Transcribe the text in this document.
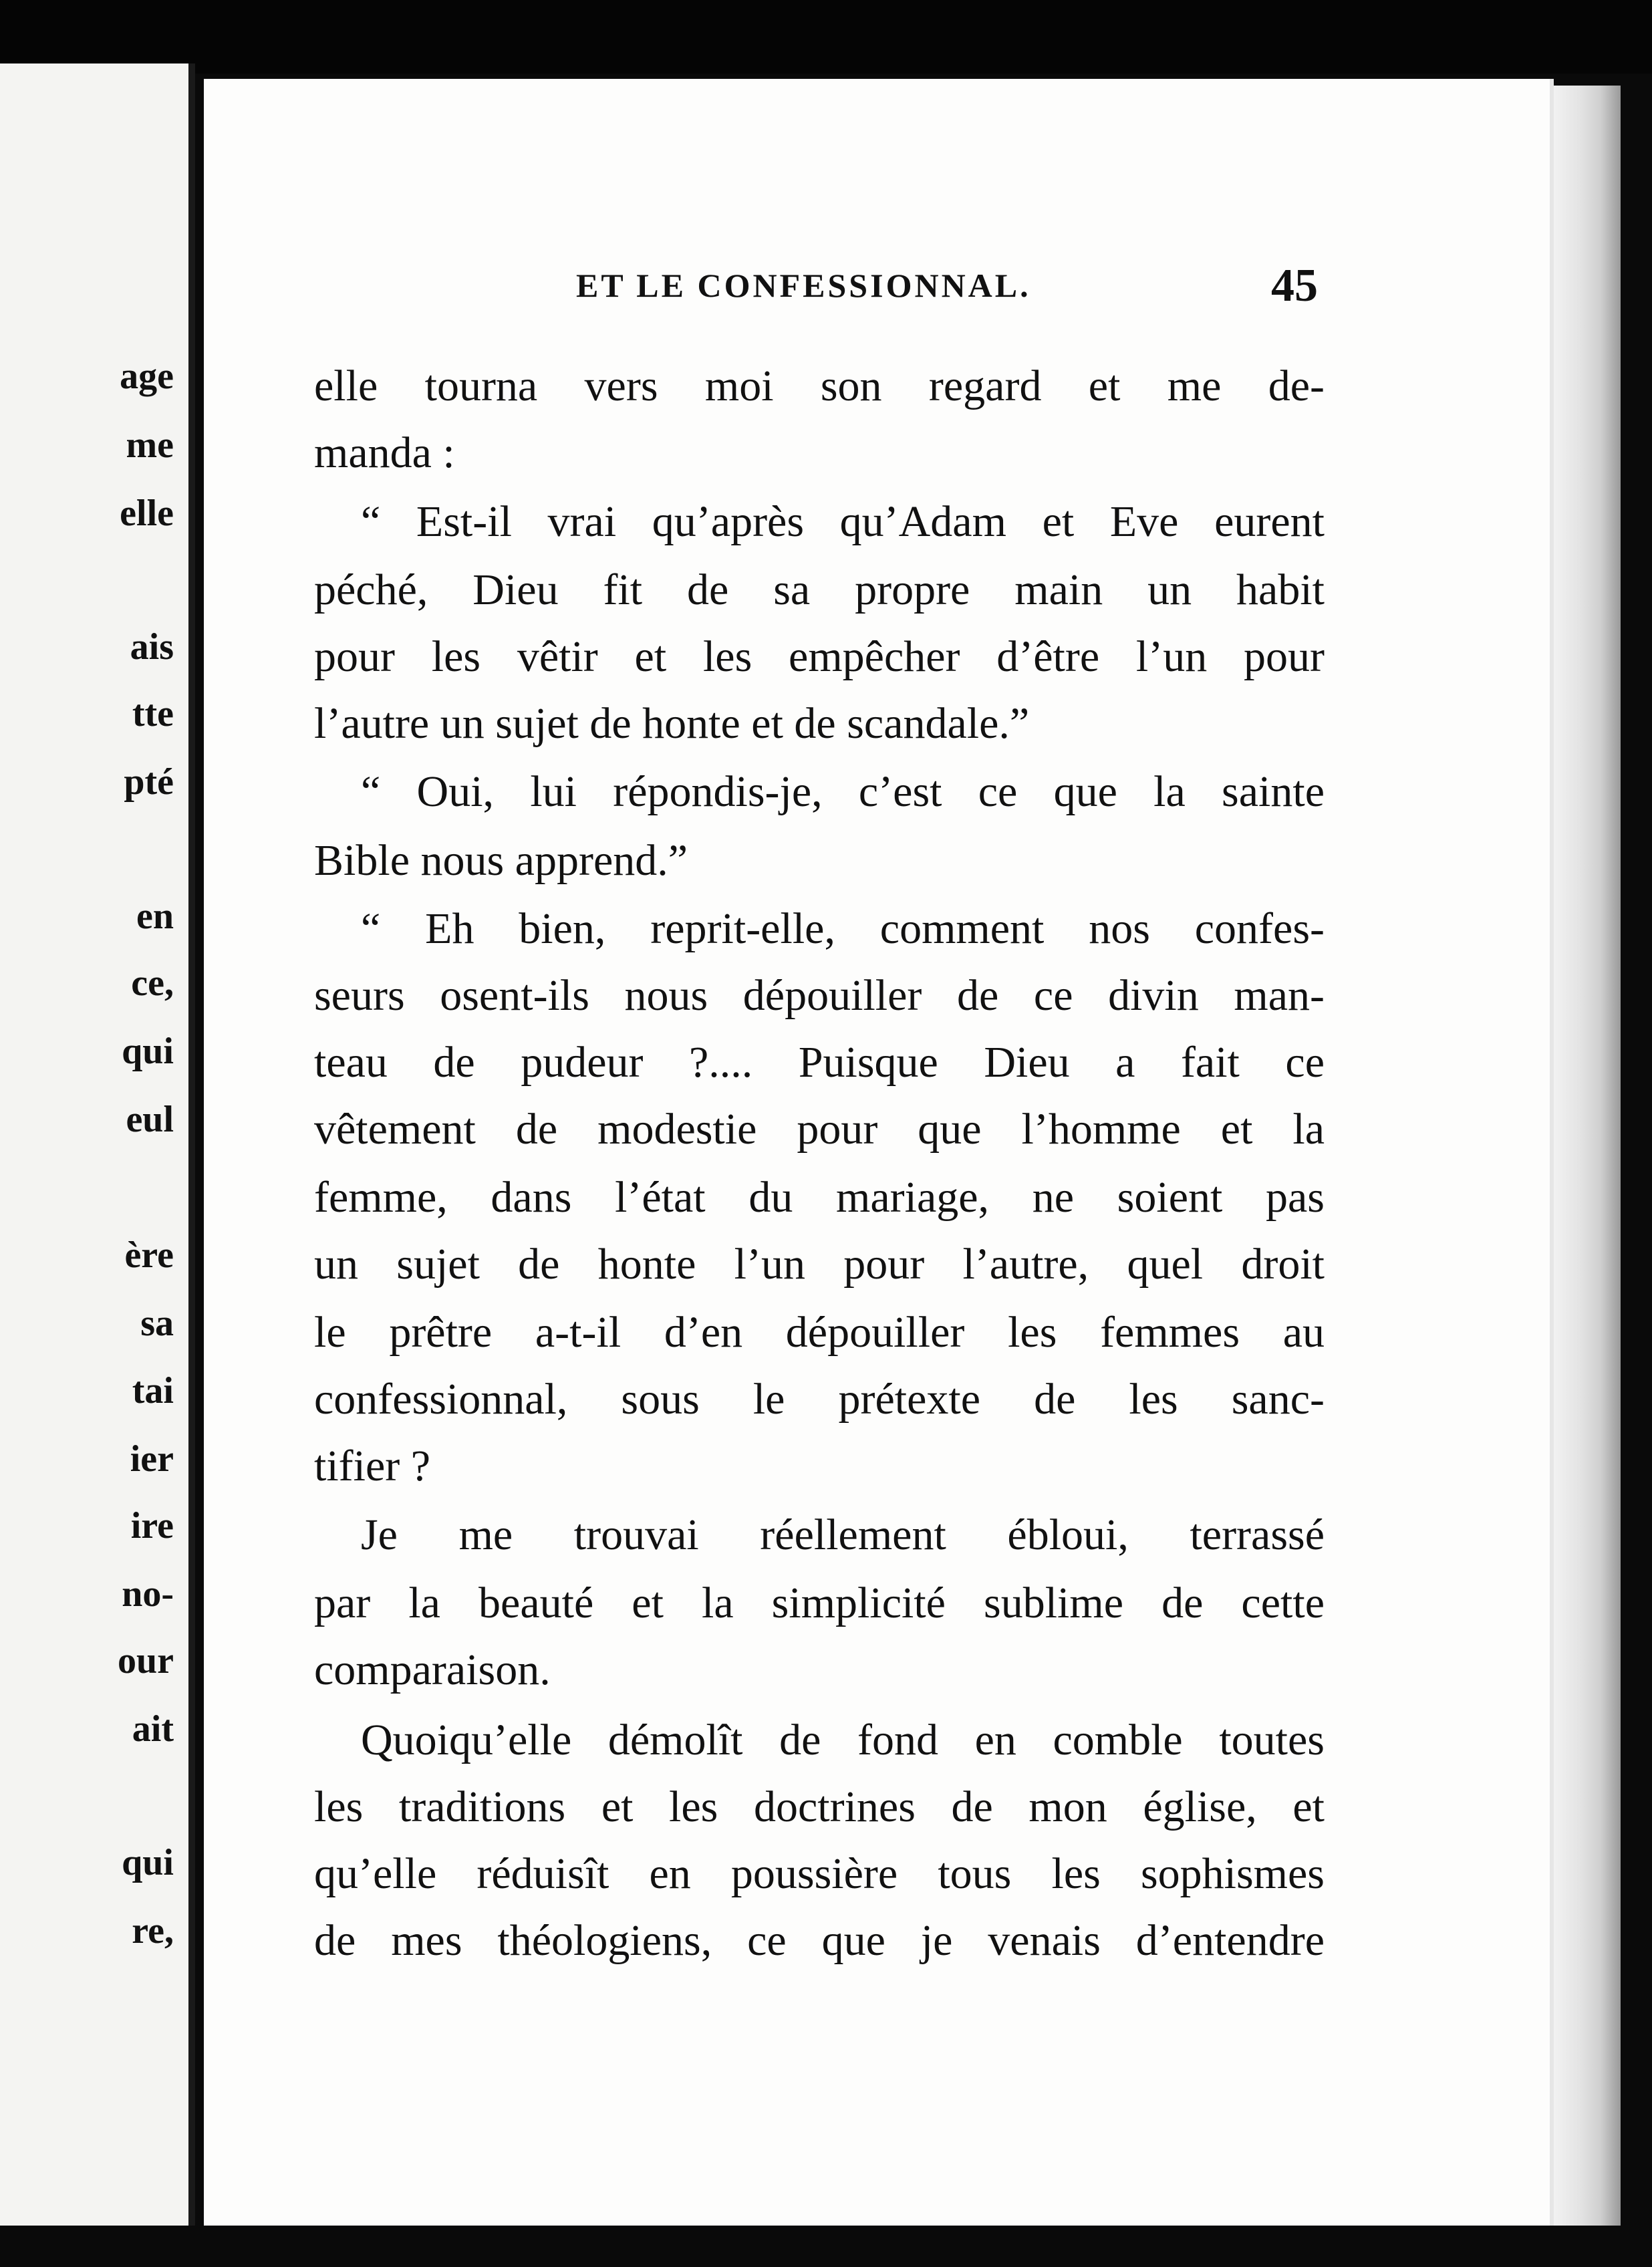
age
me
elle
ais
tte
pté
en
ce,
qui
eul
ère
sa
tai
ier
ire
no-
our
ait
qui
re,
ET LE CONFESSIONNAL.	45
elle tourna vers moi son regard et me de-
manda :
“ Est-il vrai qu’après qu’Adam et Eve eurent
péché, Dieu fit de sa propre main un habit
pour les vêtir et les empêcher d’être l’un pour
l’autre un sujet de honte et de scandale.”
“ Oui, lui répondis-je, c’est ce que la sainte
Bible nous apprend.”
“ Eh bien, reprit-elle, comment nos confes-
seurs osent-ils nous dépouiller de ce divin man-
teau de pudeur ?.... Puisque Dieu a fait ce
vêtement de modestie pour que l’homme et la
femme, dans l’état du mariage, ne soient pas
un sujet de honte l’un pour l’autre, quel droit
le prêtre a-t-il d’en dépouiller les femmes au
confessionnal, sous le prétexte de les sanc-
tifier ?
Je me trouvai réellement ébloui, terrassé
par la beauté et la simplicité sublime de cette
comparaison.
Quoiqu’elle démolît de fond en comble toutes
les traditions et les doctrines de mon église, et
qu’elle réduisît en poussière tous les sophismes
de mes théologiens, ce que je venais d’entendre
